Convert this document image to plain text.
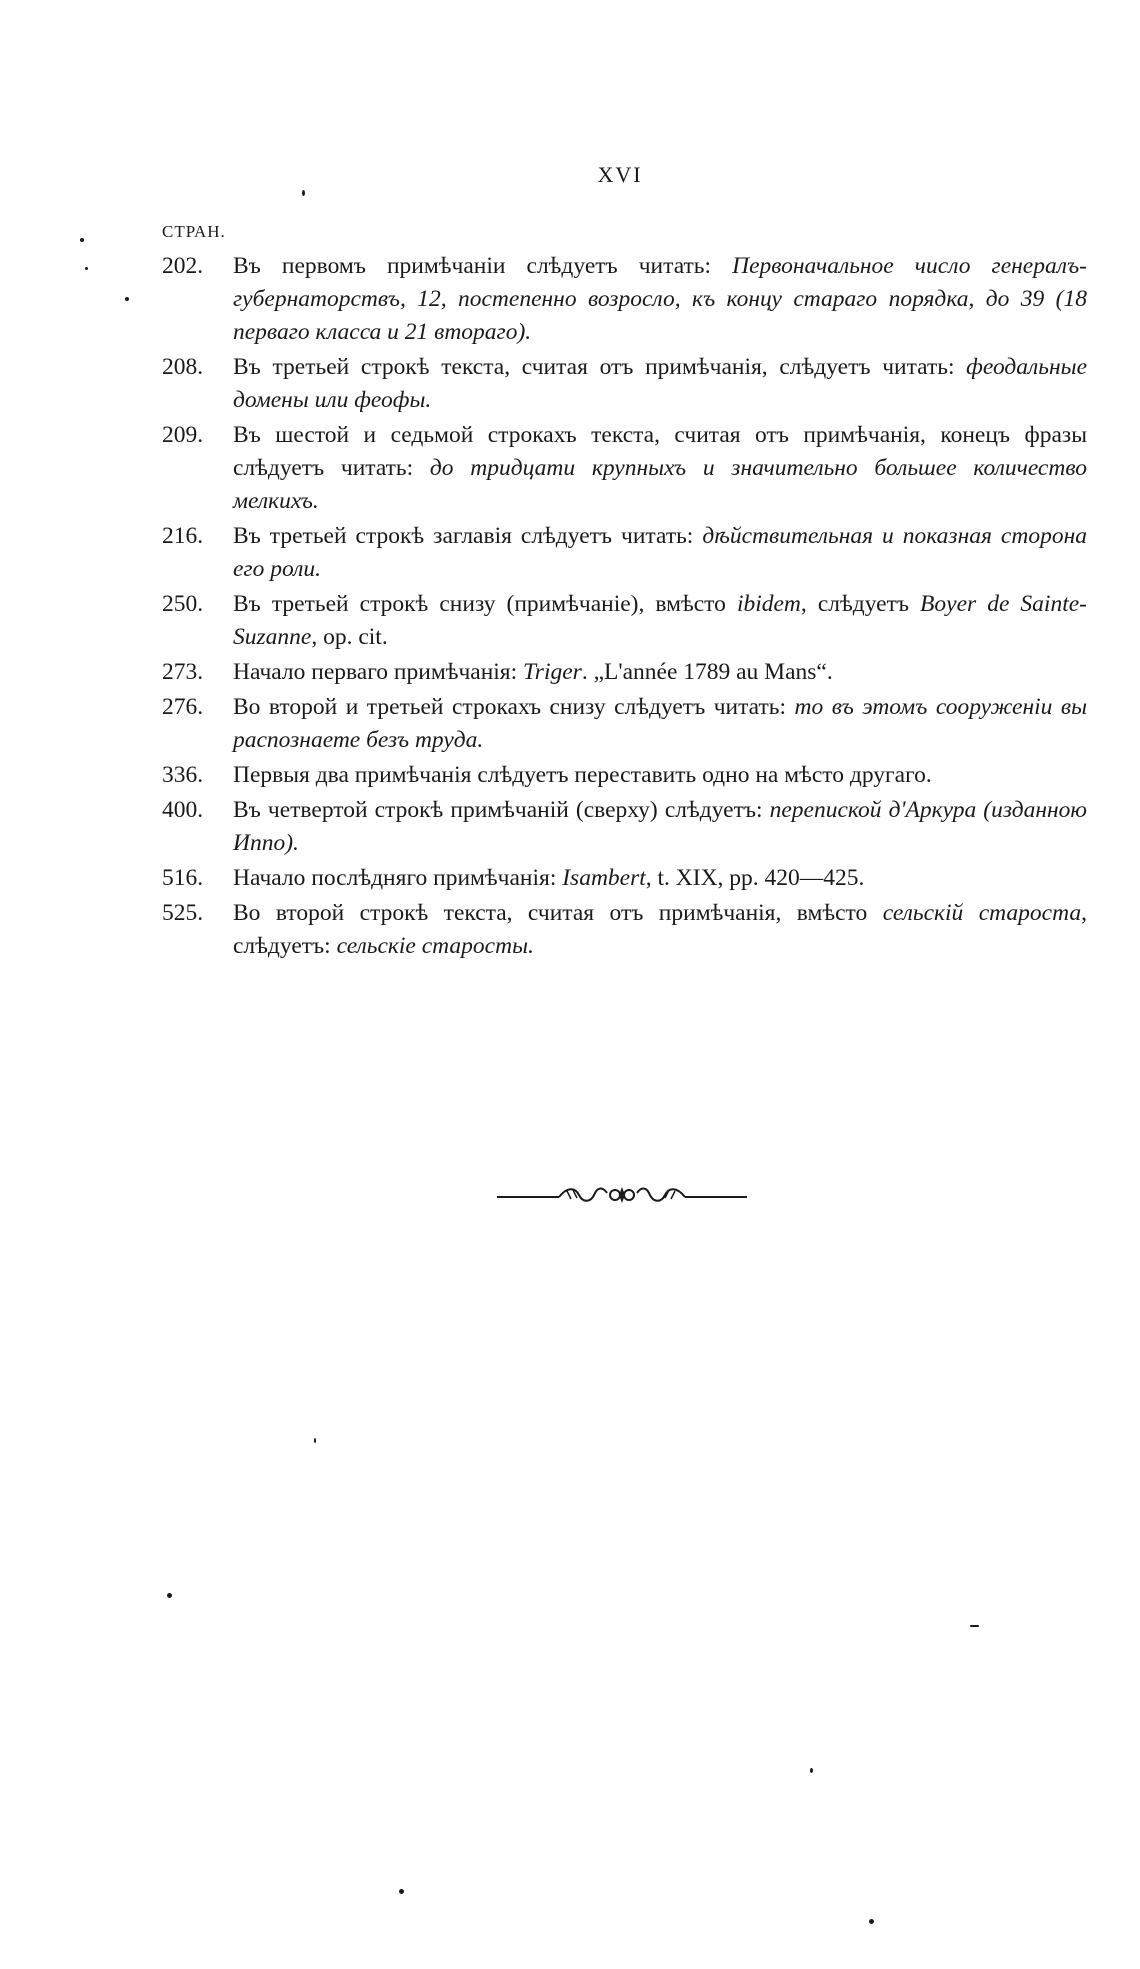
XVI
СТРАН.
202.	Въ первомъ примѣчаніи слѣдуетъ читать: Первоначальное число генералъ-губернаторствъ, 12, постепенно возросло, къ концу стараго порядка, до 39 (18 перваго класса и 21 втораго).
208.	Въ третьей строкѣ текста, считая отъ примѣчанія, слѣдуетъ читать: феодальные домены или феофы.
209.	Въ шестой и седьмой строкахъ текста, считая отъ примѣчанія, конецъ фразы слѣдуетъ читать: до тридцати крупныхъ и значительно большее количество мелкихъ.
216.	Въ третьей строкѣ заглавія слѣдуетъ читать: дѣйствительная и показная сторона его роли.
250.	Въ третьей строкѣ снизу (примѣчаніе), вмѣсто ibidem, слѣдуетъ Boyer de Sainte-Suzanne, op. cit.
273.	Начало перваго примѣчанія: Triger. „L'année 1789 au Mans“.
276.	Во второй и третьей строкахъ снизу слѣдуетъ читать: то въ этомъ сооруженіи вы распознаете безъ труда.
336.	Первыя два примѣчанія слѣдуетъ переставить одно на мѣсто другаго.
400.	Въ четвертой строкѣ примѣчаній (сверху) слѣдуетъ: перепиской д'Аркура (изданною Иппо).
516.	Начало послѣдняго примѣчанія: Isambert, t. XIX, pp. 420—425.
525.	Во второй строкѣ текста, считая отъ примѣчанія, вмѣсто сельскій староста, слѣдуетъ: сельскіе старосты.
